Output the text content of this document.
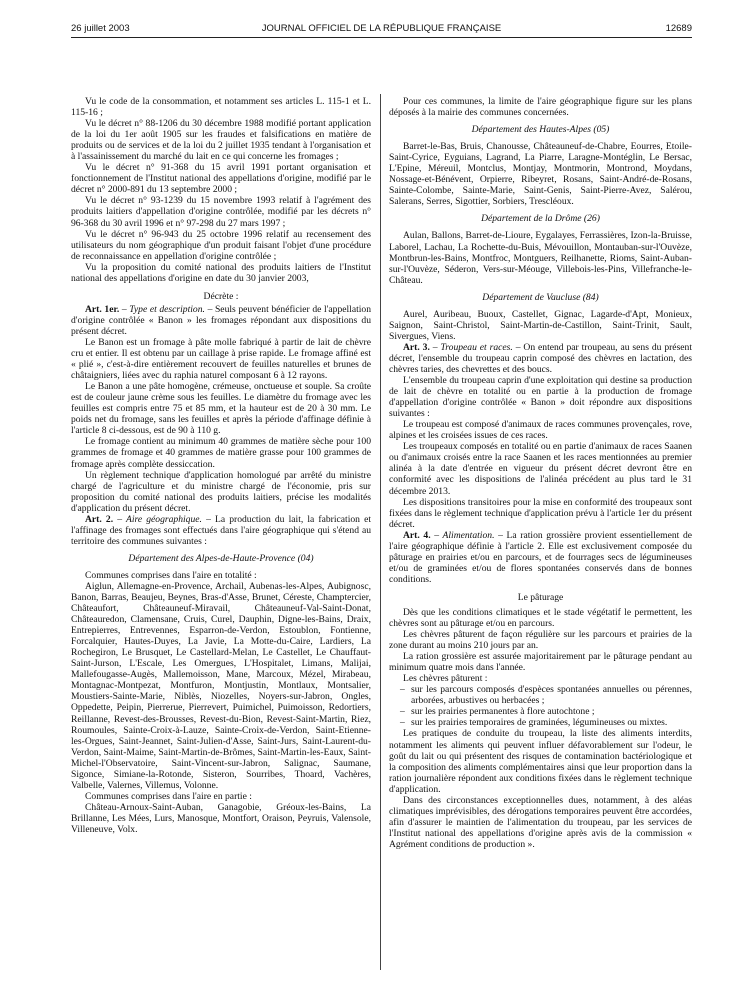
26 juillet 2003	JOURNAL OFFICIEL DE LA RÉPUBLIQUE FRANÇAISE	12689

Vu le code de la consommation, et notamment ses articles L. 115-1 et L. 115-16 ;

Vu le décret n° 88-1206 du 30 décembre 1988 modifié portant application de la loi du 1er août 1905 sur les fraudes et falsifications en matière de produits ou de services et de la loi du 2 juillet 1935 tendant à l'organisation et à l'assainissement du marché du lait en ce qui concerne les fromages ;

Vu le décret n° 91-368 du 15 avril 1991 portant organisation et fonctionnement de l'Institut national des appellations d'origine, modifié par le décret n° 2000-891 du 13 septembre 2000 ;

Vu le décret n° 93-1239 du 15 novembre 1993 relatif à l'agrément des produits laitiers d'appellation d'origine contrôlée, modifié par les décrets n° 96-368 du 30 avril 1996 et n° 97-298 du 27 mars 1997 ;

Vu le décret n° 96-943 du 25 octobre 1996 relatif au recensement des utilisateurs du nom géographique d'un produit faisant l'objet d'une procédure de reconnaissance en appellation d'origine contrôlée ;

Vu la proposition du comité national des produits laitiers de l'Institut national des appellations d'origine en date du 30 janvier 2003,

Décrète :

Art. 1er. – Type et description. – Seuls peuvent bénéficier de l'appellation d'origine contrôlée « Banon » les fromages répondant aux dispositions du présent décret.

Le Banon est un fromage à pâte molle fabriqué à partir de lait de chèvre cru et entier. Il est obtenu par un caillage à prise rapide. Le fromage affiné est « plié », c'est-à-dire entièrement recouvert de feuilles naturelles et brunes de châtaigniers, liées avec du raphia naturel composant 6 à 12 rayons.

Le Banon a une pâte homogène, crémeuse, onctueuse et souple. Sa croûte est de couleur jaune crème sous les feuilles. Le diamètre du fromage avec les feuilles est compris entre 75 et 85 mm, et la hauteur est de 20 à 30 mm. Le poids net du fromage, sans les feuilles et après la période d'affinage définie à l'article 8 ci-dessous, est de 90 à 110 g.

Le fromage contient au minimum 40 grammes de matière sèche pour 100 grammes de fromage et 40 grammes de matière grasse pour 100 grammes de fromage après complète dessiccation.

Un règlement technique d'application homologué par arrêté du ministre chargé de l'agriculture et du ministre chargé de l'économie, pris sur proposition du comité national des produits laitiers, précise les modalités d'application du présent décret.

Art. 2. – Aire géographique. – La production du lait, la fabrication et l'affinage des fromages sont effectués dans l'aire géographique qui s'étend au territoire des communes suivantes :

Département des Alpes-de-Haute-Provence (04)

Communes comprises dans l'aire en totalité :

Aiglun, Allemagne-en-Provence, Archail, Aubenas-les-Alpes, Aubignosc, Banon, Barras, Beaujeu, Beynes, Bras-d'Asse, Brunet, Céreste, Champtercier, Châteaufort, Châteauneuf-Miravail, Châteauneuf-Val-Saint-Donat, Châteauredon, Clamensane, Cruis, Curel, Dauphin, Digne-les-Bains, Draix, Entrepierres, Entrevennes, Esparron-de-Verdon, Estoublon, Fontienne, Forcalquier, Hautes-Duyes, La Javie, La Motte-du-Caire, Lardiers, La Rochegiron, Le Brusquet, Le Castellard-Melan, Le Castellet, Le Chauffaut-Saint-Jurson, L'Escale, Les Omergues, L'Hospitalet, Limans, Malijai, Mallefougasse-Augès, Mallemoisson, Mane, Marcoux, Mézel, Mirabeau, Montagnac-Montpezat, Montfuron, Montjustin, Montlaux, Montsalier, Moustiers-Sainte-Marie, Niblès, Niozelles, Noyers-sur-Jabron, Ongles, Oppedette, Peipin, Pierrerue, Pierrevert, Puimichel, Puimoisson, Redortiers, Reillanne, Revest-des-Brousses, Revest-du-Bion, Revest-Saint-Martin, Riez, Roumoules, Sainte-Croix-à-Lauze, Sainte-Croix-de-Verdon, Saint-Etienne-les-Orgues, Saint-Jeannet, Saint-Julien-d'Asse, Saint-Jurs, Saint-Laurent-du-Verdon, Saint-Maime, Saint-Martin-de-Brômes, Saint-Martin-les-Eaux, Saint-Michel-l'Observatoire, Saint-Vincent-sur-Jabron, Salignac, Saumane, Sigonce, Simiane-la-Rotonde, Sisteron, Sourribes, Thoard, Vachères, Valbelle, Valernes, Villemus, Volonne.

Communes comprises dans l'aire en partie :

Château-Arnoux-Saint-Auban, Ganagobie, Gréoux-les-Bains, La Brillanne, Les Mées, Lurs, Manosque, Montfort, Oraison, Peyruis, Valensole, Villeneuve, Volx.

Pour ces communes, la limite de l'aire géographique figure sur les plans déposés à la mairie des communes concernées.

Département des Hautes-Alpes (05)

Barret-le-Bas, Bruis, Chanousse, Châteauneuf-de-Chabre, Eourres, Etoile-Saint-Cyrice, Eyguians, Lagrand, La Piarre, Laragne-Montéglin, Le Bersac, L'Epine, Méreuil, Montclus, Montjay, Montmorin, Montrond, Moydans, Nossage-et-Bénévent, Orpierre, Ribeyret, Rosans, Saint-André-de-Rosans, Sainte-Colombe, Sainte-Marie, Saint-Genis, Saint-Pierre-Avez, Salérou, Salerans, Serres, Sigottier, Sorbiers, Trescléoux.

Département de la Drôme (26)

Aulan, Ballons, Barret-de-Lioure, Eygalayes, Ferrassières, Izon-la-Bruisse, Laborel, Lachau, La Rochette-du-Buis, Mévouillon, Montauban-sur-l'Ouvèze, Montbrun-les-Bains, Montfroc, Montguers, Reilhanette, Rioms, Saint-Auban-sur-l'Ouvèze, Séderon, Vers-sur-Méouge, Villebois-les-Pins, Villefranche-le-Château.

Département de Vaucluse (84)

Aurel, Auribeau, Buoux, Castellet, Gignac, Lagarde-d'Apt, Monieux, Saignon, Saint-Christol, Saint-Martin-de-Castillon, Saint-Trinit, Sault, Sivergues, Viens.

Art. 3. – Troupeau et races. – On entend par troupeau, au sens du présent décret, l'ensemble du troupeau caprin composé des chèvres en lactation, des chèvres taries, des chevrettes et des boucs.

L'ensemble du troupeau caprin d'une exploitation qui destine sa production de lait de chèvre en totalité ou en partie à la production de fromage d'appellation d'origine contrôlée « Banon » doit répondre aux dispositions suivantes :

Le troupeau est composé d'animaux de races communes provençales, rove, alpines et les croisées issues de ces races.

Les troupeaux composés en totalité ou en partie d'animaux de races Saanen ou d'animaux croisés entre la race Saanen et les races mentionnées au premier alinéa à la date d'entrée en vigueur du présent décret devront être en conformité avec les dispositions de l'alinéa précédent au plus tard le 31 décembre 2013.

Les dispositions transitoires pour la mise en conformité des troupeaux sont fixées dans le règlement technique d'application prévu à l'article 1er du présent décret.

Art. 4. – Alimentation. – La ration grossière provient essentiellement de l'aire géographique définie à l'article 2. Elle est exclusivement composée du pâturage en prairies et/ou en parcours, et de fourrages secs de légumineuses et/ou de graminées et/ou de flores spontanées conservés dans de bonnes conditions.

Le pâturage

Dès que les conditions climatiques et le stade végétatif le permettent, les chèvres sont au pâturage et/ou en parcours.

Les chèvres pâturent de façon régulière sur les parcours et prairies de la zone durant au moins 210 jours par an.

La ration grossière est assurée majoritairement par le pâturage pendant au minimum quatre mois dans l'année.

Les chèvres pâturent :

– sur les parcours composés d'espèces spontanées annuelles ou pérennes, arborées, arbustives ou herbacées ;
– sur les prairies permanentes à flore autochtone ;
– sur les prairies temporaires de graminées, légumineuses ou mixtes.

Les pratiques de conduite du troupeau, la liste des aliments interdits, notamment les aliments qui peuvent influer défavorablement sur l'odeur, le goût du lait ou qui présentent des risques de contamination bactériologique et la composition des aliments complémentaires ainsi que leur proportion dans la ration journalière répondent aux conditions fixées dans le règlement technique d'application.

Dans des circonstances exceptionnelles dues, notamment, à des aléas climatiques imprévisibles, des dérogations temporaires peuvent être accordées, afin d'assurer le maintien de l'alimentation du troupeau, par les services de l'Institut national des appellations d'origine après avis de la commission « Agrément conditions de production ».
